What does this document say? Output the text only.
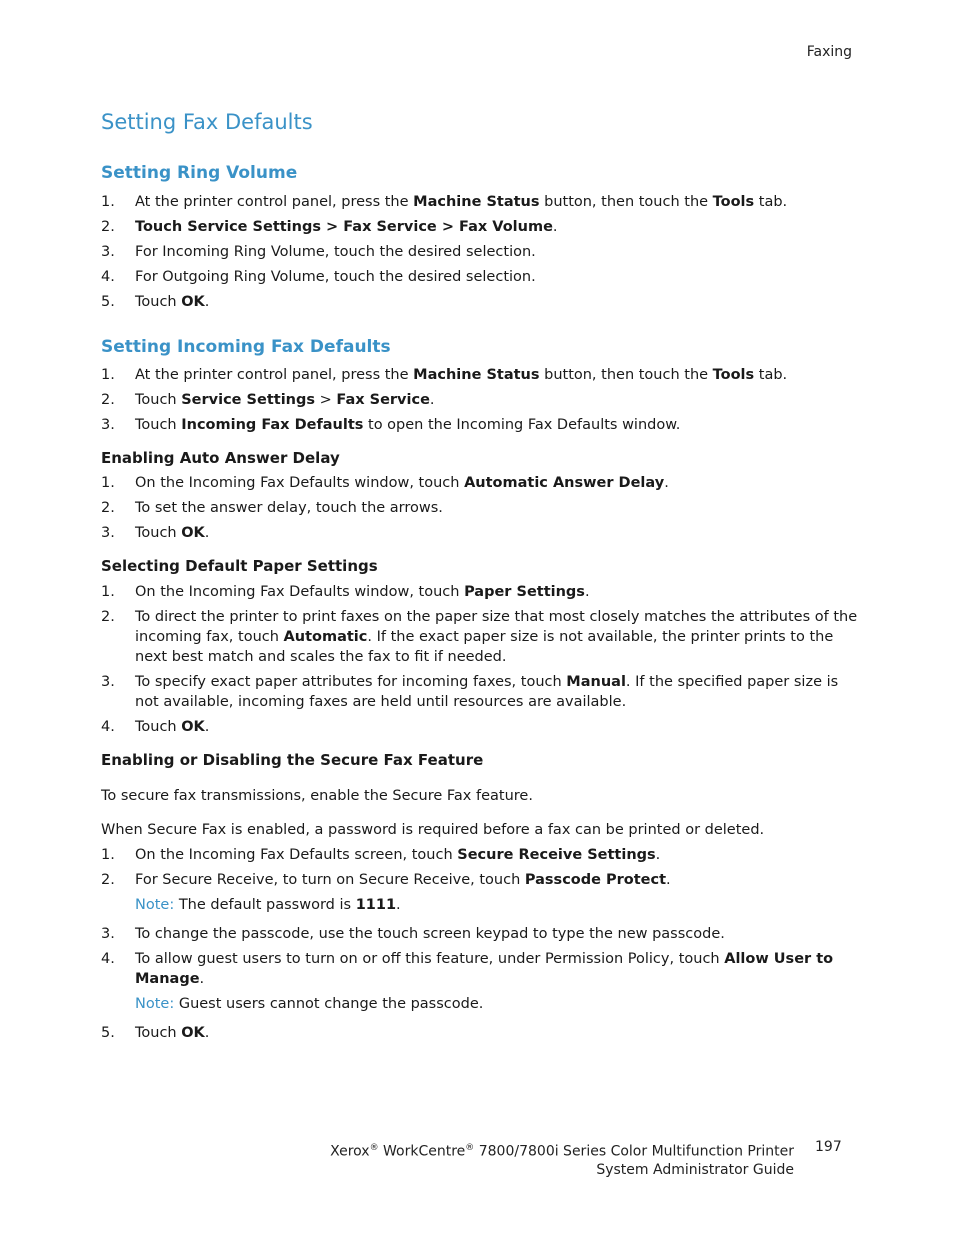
Faxing
Setting Fax Defaults
Setting Ring Volume
1. At the printer control panel, press the Machine Status button, then touch the Tools tab.
2. Touch Service Settings > Fax Service > Fax Volume.
3. For Incoming Ring Volume, touch the desired selection.
4. For Outgoing Ring Volume, touch the desired selection.
5. Touch OK.
Setting Incoming Fax Defaults
1. At the printer control panel, press the Machine Status button, then touch the Tools tab.
2. Touch Service Settings > Fax Service.
3. Touch Incoming Fax Defaults to open the Incoming Fax Defaults window.
Enabling Auto Answer Delay
1. On the Incoming Fax Defaults window, touch Automatic Answer Delay.
2. To set the answer delay, touch the arrows.
3. Touch OK.
Selecting Default Paper Settings
1. On the Incoming Fax Defaults window, touch Paper Settings.
2. To direct the printer to print faxes on the paper size that most closely matches the attributes of the incoming fax, touch Automatic. If the exact paper size is not available, the printer prints to the next best match and scales the fax to fit if needed.
3. To specify exact paper attributes for incoming faxes, touch Manual. If the specified paper size is not available, incoming faxes are held until resources are available.
4. Touch OK.
Enabling or Disabling the Secure Fax Feature

To secure fax transmissions, enable the Secure Fax feature.

When Secure Fax is enabled, a password is required before a fax can be printed or deleted.

1. On the Incoming Fax Defaults screen, touch Secure Receive Settings.
2. For Secure Receive, to turn on Secure Receive, touch Passcode Protect.
Note: The default password is 1111.
3. To change the passcode, use the touch screen keypad to type the new passcode.
4. To allow guest users to turn on or off this feature, under Permission Policy, touch Allow User to Manage.
Note: Guest users cannot change the passcode.
5. Touch OK.
Xerox® WorkCentre® 7800/7800i Series Color Multifunction Printer
System Administrator Guide
197
